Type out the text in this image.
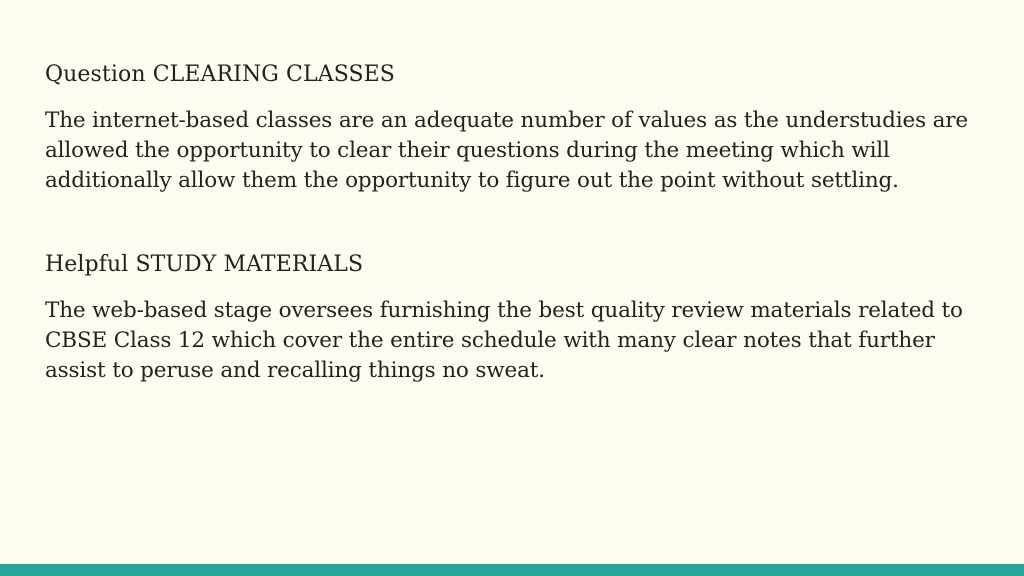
Question CLEARING CLASSES

The internet-based classes are an adequate number of values as the understudies are allowed the opportunity to clear their questions during the meeting which will additionally allow them the opportunity to figure out the point without settling.

Helpful STUDY MATERIALS

The web-based stage oversees furnishing the best quality review materials related to CBSE Class 12 which cover the entire schedule with many clear notes that further assist to peruse and recalling things no sweat.
